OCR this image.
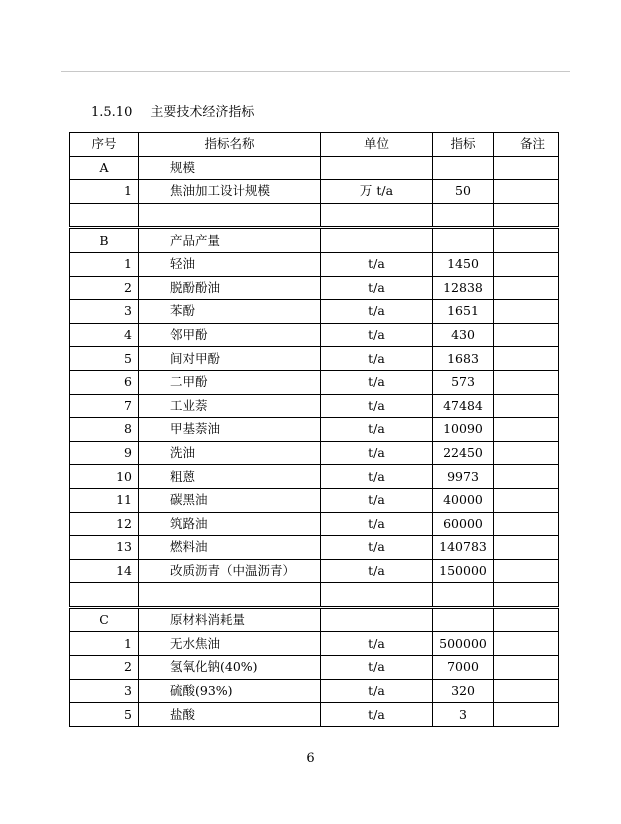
1.5.10 主要技术经济指标
序号	指标名称	单位	指标	备注
A	规模			
1	焦油加工设计规模	万 t/a	50	

B	产品产量			
1	轻油	t/a	1450	
2	脱酚酚油	t/a	12838	
3	苯酚	t/a	1651	
4	邻甲酚	t/a	430	
5	间对甲酚	t/a	1683	
6	二甲酚	t/a	573	
7	工业萘	t/a	47484	
8	甲基萘油	t/a	10090	
9	洗油	t/a	22450	
10	粗蒽	t/a	9973	
11	碳黑油	t/a	40000	
12	筑路油	t/a	60000	
13	燃料油	t/a	140783	
14	改质沥青（中温沥青）	t/a	150000	

C	原材料消耗量			
1	无水焦油	t/a	500000	
2	氢氧化钠(40%)	t/a	7000	
3	硫酸(93%)	t/a	320	
5	盐酸	t/a	3	
6
